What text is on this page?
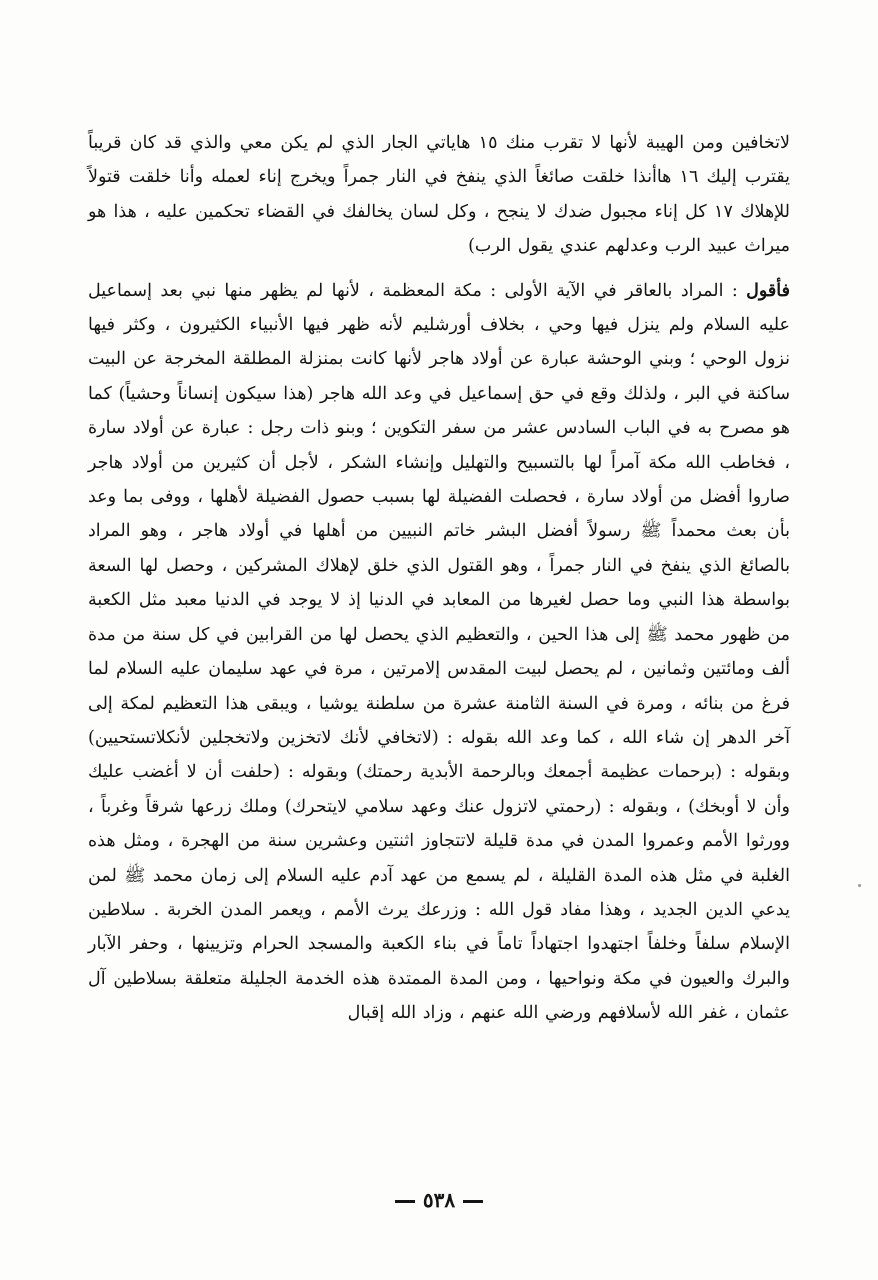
لاتخافين ومن الهيبة لأنها لا تقرب منك ١٥ هاياتي الجار الذي لم يكن معي والذي قد كان قريباً يقترب إليك ١٦ هاأنذا خلقت صائغاً الذي ينفخ في النار جمراً ويخرج إناء لعمله وأنا خلقت قتولاً للإهلاك ١٧ كل إناء مجبول ضدك لا ينجح ، وكل لسان يخالفك في القضاء تحكمين عليه ، هذا هو ميراث عبيد الرب وعدلهم عندي يقول الرب)

فأقول : المراد بالعاقر في الآية الأولى : مكة المعظمة ، لأنها لم يظهر منها نبي بعد إسماعيل عليه السلام ولم ينزل فيها وحي ، بخلاف أورشليم لأنه ظهر فيها الأنبياء الكثيرون ، وكثر فيها نزول الوحي ؛ وبني الوحشة عبارة عن أولاد هاجر لأنها كانت بمنزلة المطلقة المخرجة عن البيت ساكنة في البر ، ولذلك وقع في حق إسماعيل في وعد الله هاجر (هذا سيكون إنساناً وحشياً) كما هو مصرح به في الباب السادس عشر من سفر التكوين ؛ وبنو ذات رجل : عبارة عن أولاد سارة ، فخاطب الله مكة آمراً لها بالتسبيح والتهليل وإنشاء الشكر ، لأجل أن كثيرين من أولاد هاجر صاروا أفضل من أولاد سارة ، فحصلت الفضيلة لها بسبب حصول الفضيلة لأهلها ، ووفى بما وعد بأن بعث محمداً ﷺ رسولاً أفضل البشر خاتم النبيين من أهلها في أولاد هاجر ، وهو المراد بالصائغ الذي ينفخ في النار جمراً ، وهو القتول الذي خلق لإهلاك المشركين ، وحصل لها السعة بواسطة هذا النبي وما حصل لغيرها من المعابد في الدنيا إذ لا يوجد في الدنيا معبد مثل الكعبة من ظهور محمد ﷺ إلى هذا الحين ، والتعظيم الذي يحصل لها من القرابين في كل سنة من مدة ألف ومائتين وثمانين ، لم يحصل لبيت المقدس إلامرتين ، مرة في عهد سليمان عليه السلام لما فرغ من بنائه ، ومرة في السنة الثامنة عشرة من سلطنة يوشيا ، ويبقى هذا التعظيم لمكة إلى آخر الدهر إن شاء الله ، كما وعد الله بقوله : (لاتخافي لأنك لاتخزين ولاتخجلين لأنكلاتستحيين) وبقوله : (برحمات عظيمة أجمعك وبالرحمة الأبدية رحمتك) وبقوله : (حلفت أن لا أغضب عليك وأن لا أوبخك) ، وبقوله : (رحمتي لاتزول عنك وعهد سلامي لايتحرك) وملك زرعها شرقاً وغرباً ، وورثوا الأمم وعمروا المدن في مدة قليلة لاتتجاوز اثنتين وعشرين سنة من الهجرة ، ومثل هذه الغلبة في مثل هذه المدة القليلة ، لم يسمع من عهد آدم عليه السلام إلى زمان محمد ﷺ لمن يدعي الدين الجديد ، وهذا مفاد قول الله : وزرعك يرث الأمم ، ويعمر المدن الخربة . سلاطين الإسلام سلفاً وخلفاً اجتهدوا اجتهاداً تاماً في بناء الكعبة والمسجد الحرام وتزيينها ، وحفر الآبار والبرك والعيون في مكة ونواحيها ، ومن المدة الممتدة هذه الخدمة الجليلة متعلقة بسلاطين آل عثمان ، غفر الله لأسلافهم ورضي الله عنهم ، وزاد الله إقبال

٥٣٨
